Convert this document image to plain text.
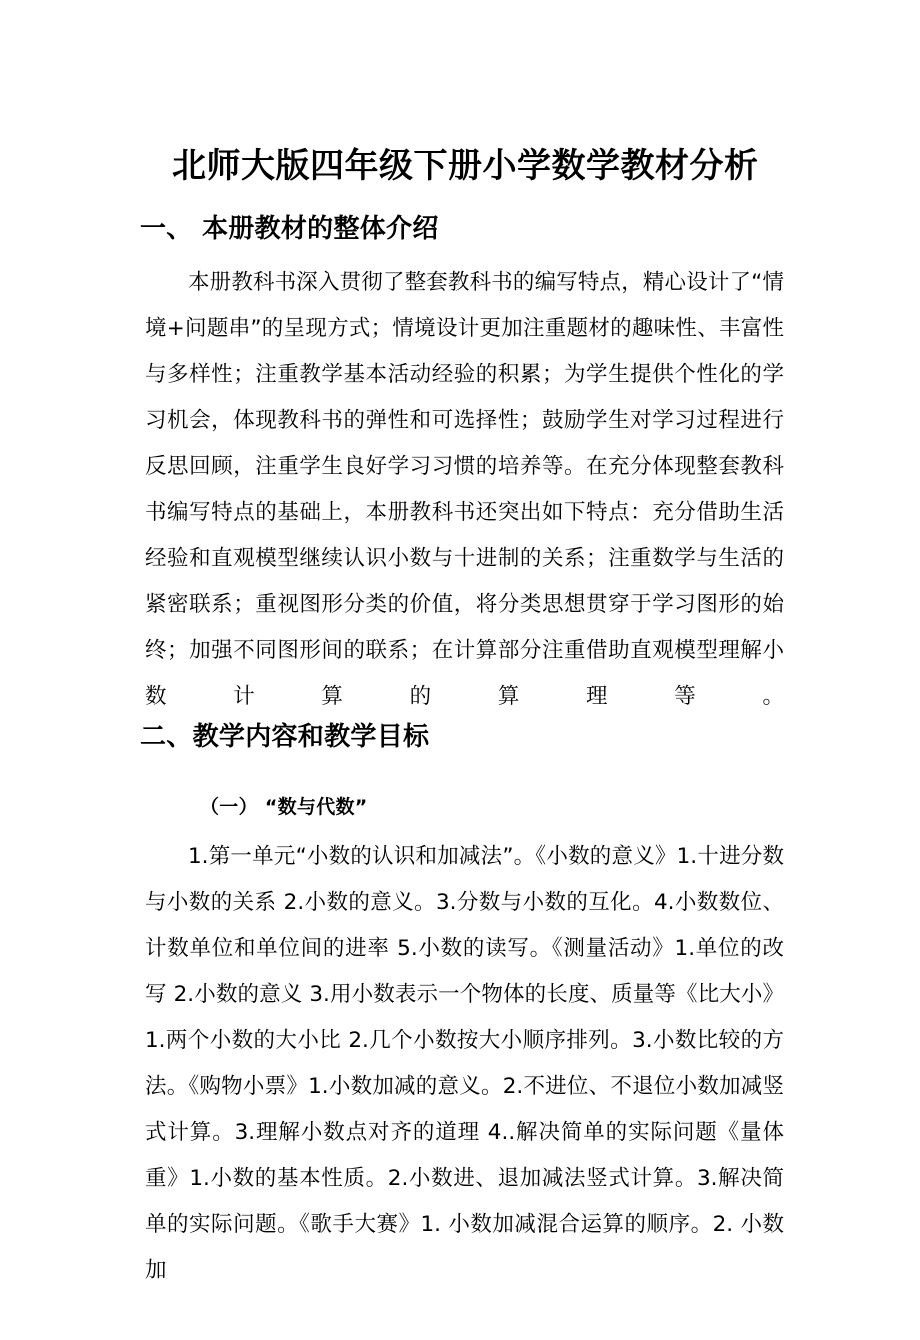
北师大版四年级下册小学数学教材分析
一、 本册教材的整体介绍

本册教科书深入贯彻了整套教科书的编写特点，精心设计了“情境+问题串”的呈现方式；情境设计更加注重题材的趣味性、丰富性与多样性；注重教学基本活动经验的积累；为学生提供个性化的学习机会，体现教科书的弹性和可选择性；鼓励学生对学习过程进行反思回顾，注重学生良好学习习惯的培养等。在充分体现整套教科书编写特点的基础上，本册教科书还突出如下特点：充分借助生活经验和直观模型继续认识小数与十进制的关系；注重数学与生活的紧密联系；重视图形分类的价值，将分类思想贯穿于学习图形的始终；加强不同图形间的联系；在计算部分注重借助直观模型理解小数计算的算理等。

二、教学内容和教学目标
（一） “数与代数”

1.第一单元“小数的认识和加减法”。《小数的意义》1.十进分数与小数的关系 2.小数的意义。3.分数与小数的互化。4.小数数位、计数单位和单位间的进率 5.小数的读写。《测量活动》1.单位的改写 2.小数的意义 3.用小数表示一个物体的长度、质量等《比大小》1.两个小数的大小比 2.几个小数按大小顺序排列。3.小数比较的方法。《购物小票》1.小数加减的意义。2.不进位、不退位小数加减竖式计算。3.理解小数点对齐的道理 4..解决简单的实际问题《量体重》1.小数的基本性质。2.小数进、退加减法竖式计算。3.解决简单的实际问题。《歌手大赛》1. 小数加减混合运算的顺序。2. 小数加
